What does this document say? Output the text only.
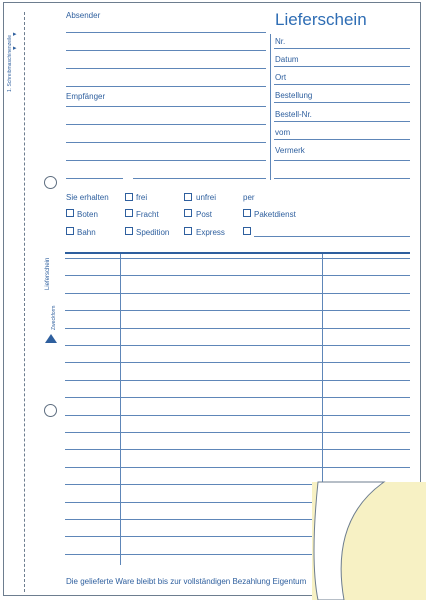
▸
▸
1. Schreibmaschinenzeile
Lieferschein
Zweckform
Absender	Lieferschein
Empfänger
Nr.
Datum
Ort
Bestellung
Bestell-Nr.
vom
Vermerk
Sie erhalten	frei	unfrei	per
Boten	Fracht	Post	Paketdienst
Bahn	Spedition	Express
Die gelieferte Ware bleibt bis zur vollständigen Bezahlung Eigentum
